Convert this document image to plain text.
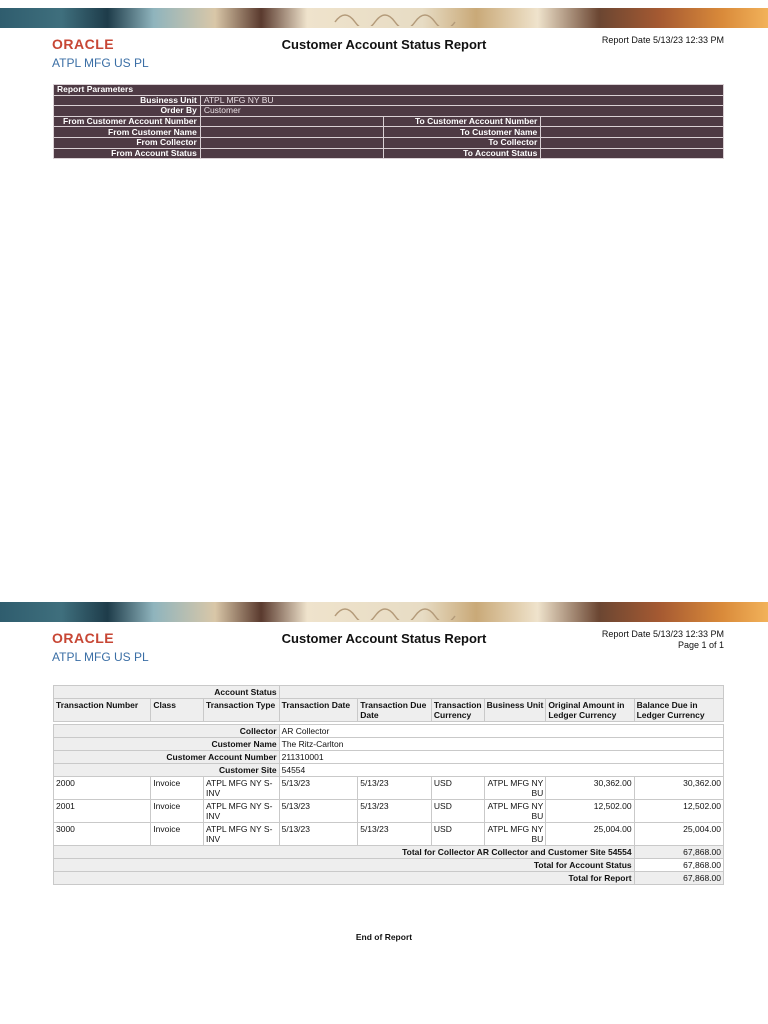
ORACLE
ATPL MFG US PL
Customer Account Status Report	Report Date 5/13/23 12:33 PM
Report Parameters			
Business Unit	ATPL MFG NY BU		
Order By	Customer		
From Customer Account Number		To Customer Account Number	
From Customer Name		To Customer Name	
From Collector		To Collector	
From Account Status		To Account Status	
ORACLE
ATPL MFG US PL
Customer Account Status Report	Report Date 5/13/23 12:33 PM
Page 1 of 1
Account Status								
Transaction Number	Class	Transaction Type	Transaction Date	Transaction Due Date	Transaction Currency	Business Unit	Original Amount in Ledger Currency	Balance Due in Ledger Currency

Collector			AR Collector					
Customer Name			The Ritz-Carlton					
Customer Account Number			211310001					
Customer Site			54554					
2000	Invoice	ATPL MFG NY S-INV	5/13/23	5/13/23	USD	ATPL MFG NY BU	30,362.00	30,362.00
2001	Invoice	ATPL MFG NY S-INV	5/13/23	5/13/23	USD	ATPL MFG NY BU	12,502.00	12,502.00
3000	Invoice	ATPL MFG NY S-INV	5/13/23	5/13/23	USD	ATPL MFG NY BU	25,004.00	25,004.00
Total for Collector AR Collector and Customer Site 54554								67,868.00
Total for Account Status								67,868.00
Total for Report								67,868.00
End of Report
